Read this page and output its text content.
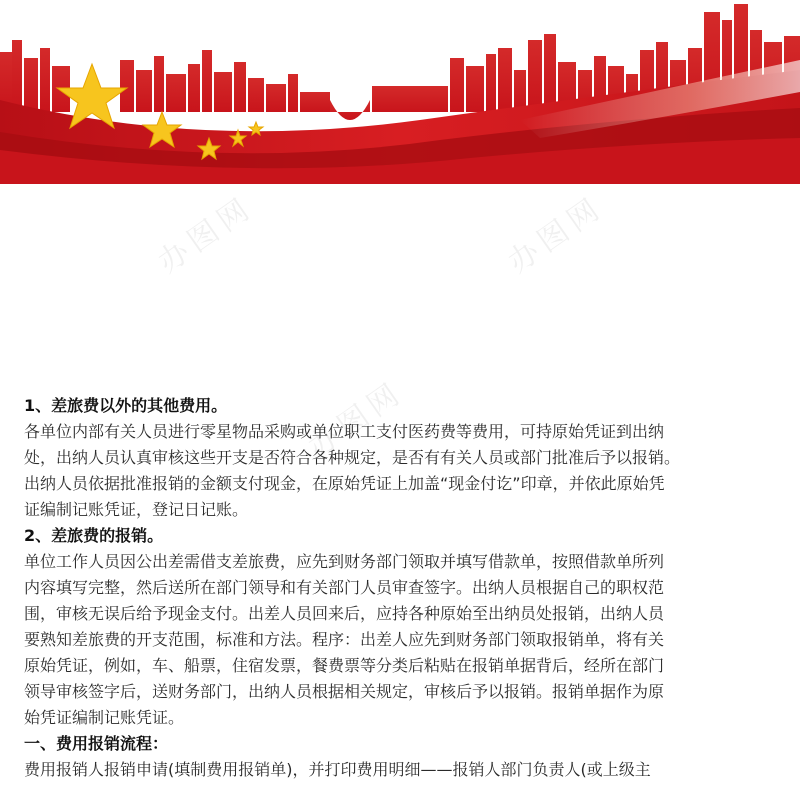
办图网	办图网
办图网

1、差旅费以外的其他费用。

各单位内部有关人员进行零星物品采购或单位职工支付医药费等费用，可持原始凭证到出纳

处，出纳人员认真审核这些开支是否符合各种规定，是否有有关人员或部门批准后予以报销。

出纳人员依据批准报销的金额支付现金，在原始凭证上加盖“现金付讫”印章，并依此原始凭

证编制记账凭证，登记日记账。

2、差旅费的报销。

单位工作人员因公出差需借支差旅费，应先到财务部门领取并填写借款单，按照借款单所列

内容填写完整，然后送所在部门领导和有关部门人员审查签字。出纳人员根据自己的职权范

围，审核无误后给予现金支付。出差人员回来后，应持各种原始至出纳员处报销，出纳人员

要熟知差旅费的开支范围，标准和方法。程序：出差人应先到财务部门领取报销单，将有关

原始凭证，例如，车、船票，住宿发票，餐费票等分类后粘贴在报销单据背后，经所在部门

领导审核签字后，送财务部门，出纳人员根据相关规定，审核后予以报销。报销单据作为原

始凭证编制记账凭证。

一、费用报销流程：

费用报销人报销申请(填制费用报销单)，并打印费用明细——报销人部门负责人(或上级主
